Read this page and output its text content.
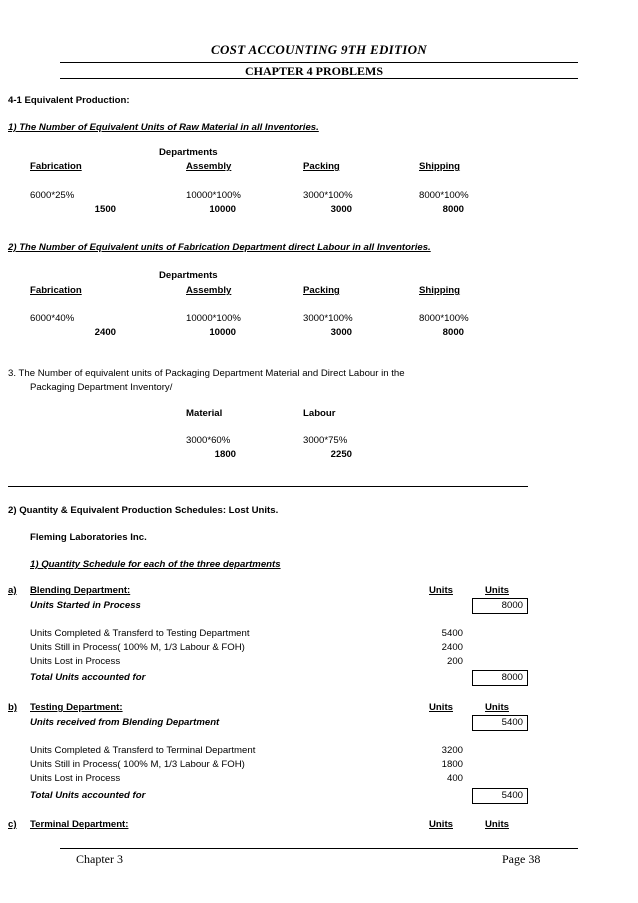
COST ACCOUNTING 9TH EDITION
CHAPTER 4 PROBLEMS
4-1 Equivalent Production:
1) The Number of Equivalent Units of Raw Material in all Inventories.
Departments
Fabrication	Assembly	Packing	Shipping
6000*25%	10000*100%	3000*100%	8000*100%
1500	10000	3000	8000
2) The Number of Equivalent units of Fabrication Department direct Labour in all Inventories.
Departments
Fabrication	Assembly	Packing	Shipping
6000*40%	10000*100%	3000*100%	8000*100%
2400	10000	3000	8000
3. The Number of equivalent units of Packaging Department Material and Direct Labour in the
Packaging Department Inventory/
Material	Labour
3000*60%	3000*75%
1800	2250
2) Quantity & Equivalent Production Schedules: Lost Units.
Fleming Laboratories Inc.
1) Quantity Schedule for each of the three departments
a) Blending Department:	Units	Units
Units Started in Process	8000
Units Completed & Transferd to Testing Department	5400
Units Still in Process( 100% M, 1/3 Labour & FOH)	2400
Units Lost in Process	200
Total Units accounted for	8000
b) Testing Department:	Units	Units
Units received from Blending Department	5400
Units Completed & Transferd to Terminal Department	3200
Units Still in Process( 100% M, 1/3 Labour & FOH)	1800
Units Lost in Process	400
Total Units accounted for	5400
c) Terminal Department:	Units	Units
Chapter 3	Page 38
